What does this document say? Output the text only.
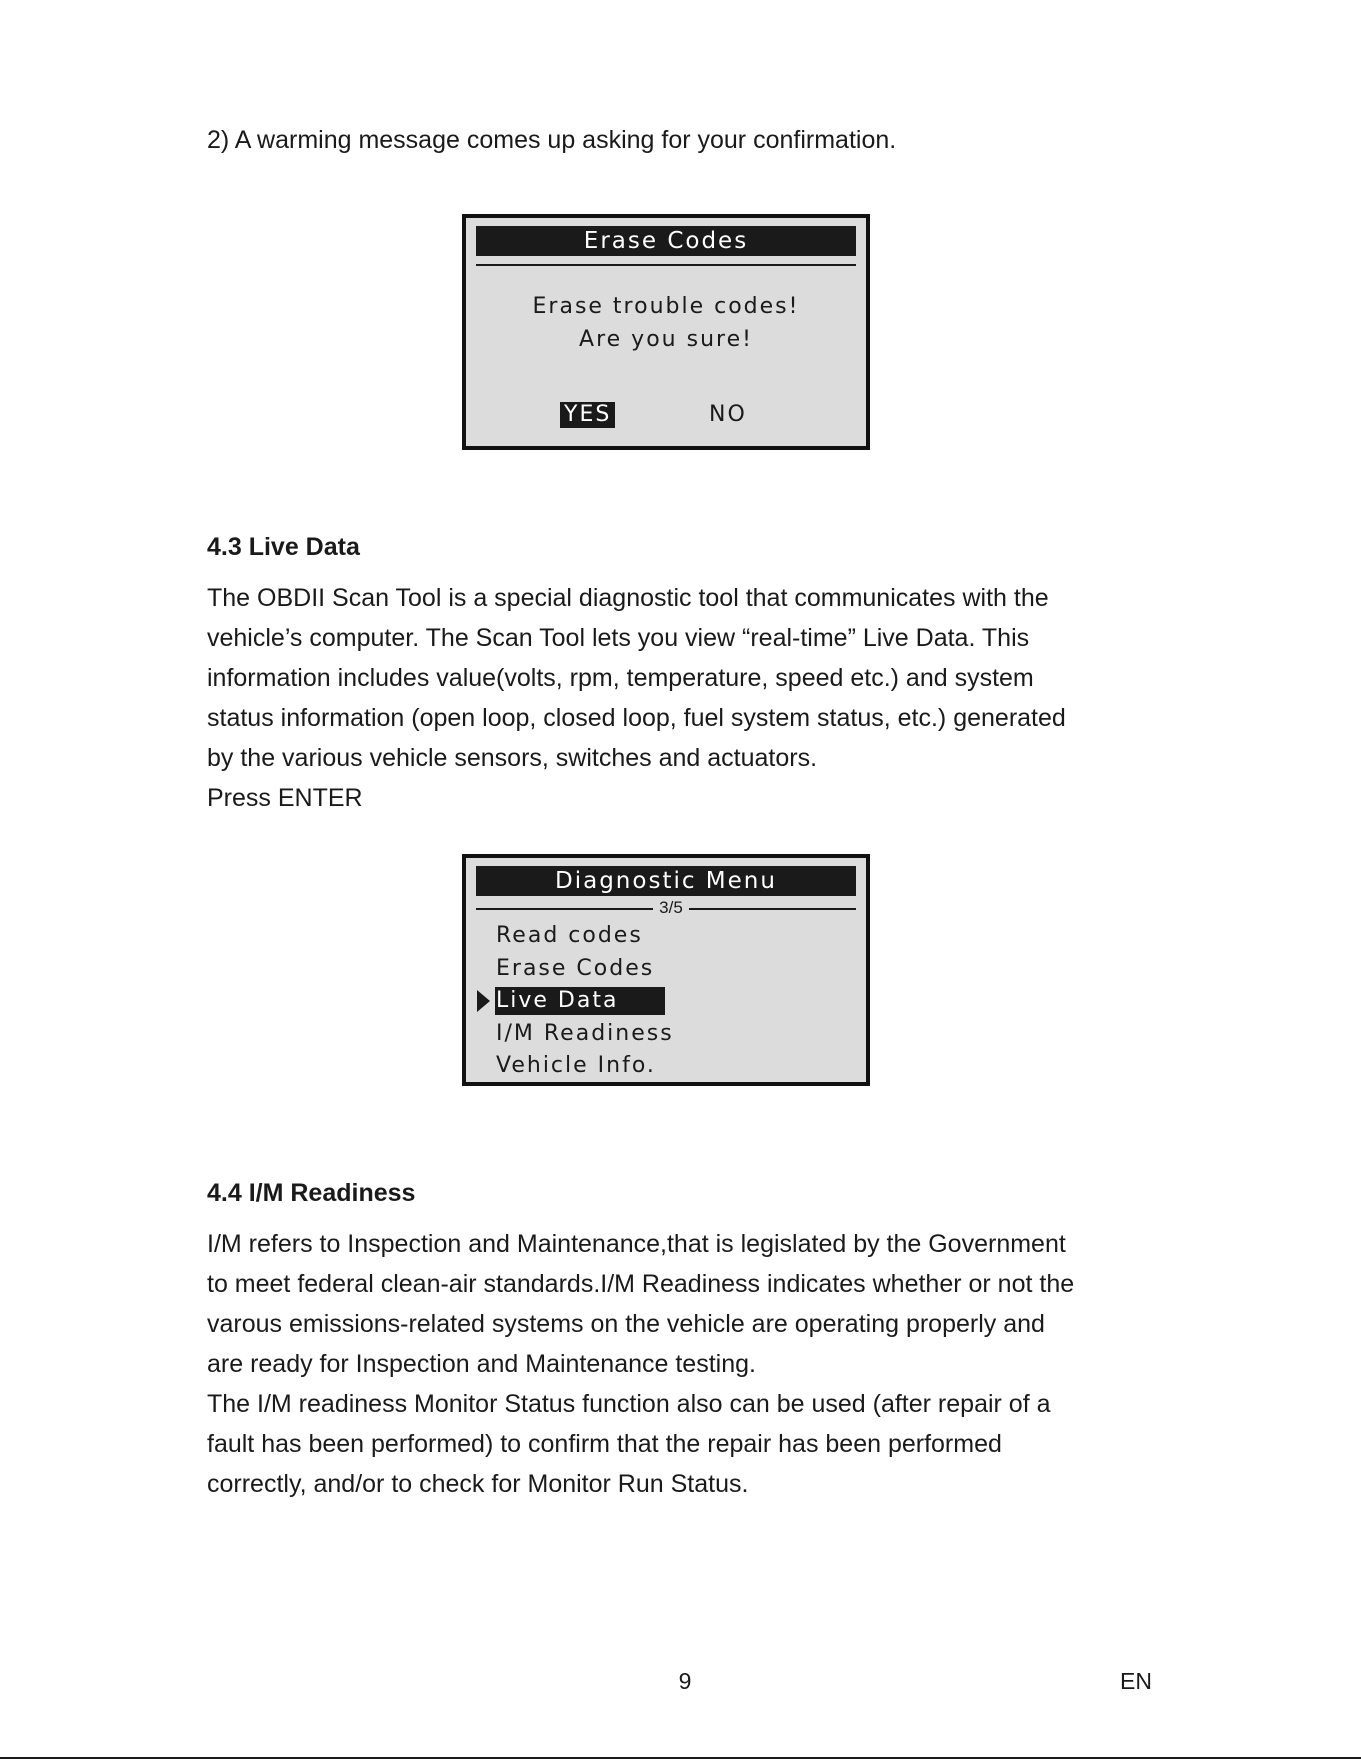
2) A warming message comes up asking for your confirmation.
Erase Codes
Erase trouble codes!
Are you sure!
YES	NO
4.3 Live Data
The OBDII Scan Tool is a special diagnostic tool that communicates with the
vehicle’s computer. The Scan Tool lets you view “real-time” Live Data. This
information includes value(volts, rpm, temperature, speed etc.) and system
status information (open loop, closed loop, fuel system status, etc.) generated
by the various vehicle sensors, switches and actuators.
Press ENTER
Diagnostic Menu
3/5
Read codes
Erase Codes
Live Data
I/M Readiness
Vehicle Info.
4.4 I/M Readiness
I/M refers to Inspection and Maintenance,that is legislated by the Government
to meet federal clean-air standards.I/M Readiness indicates whether or not the
varous emissions-related systems on the vehicle are operating properly and
are ready for Inspection and Maintenance testing.
The I/M readiness Monitor Status function also can be used (after repair of a
fault has been performed) to confirm that the repair has been performed
correctly, and/or to check for Monitor Run Status.
9	EN
